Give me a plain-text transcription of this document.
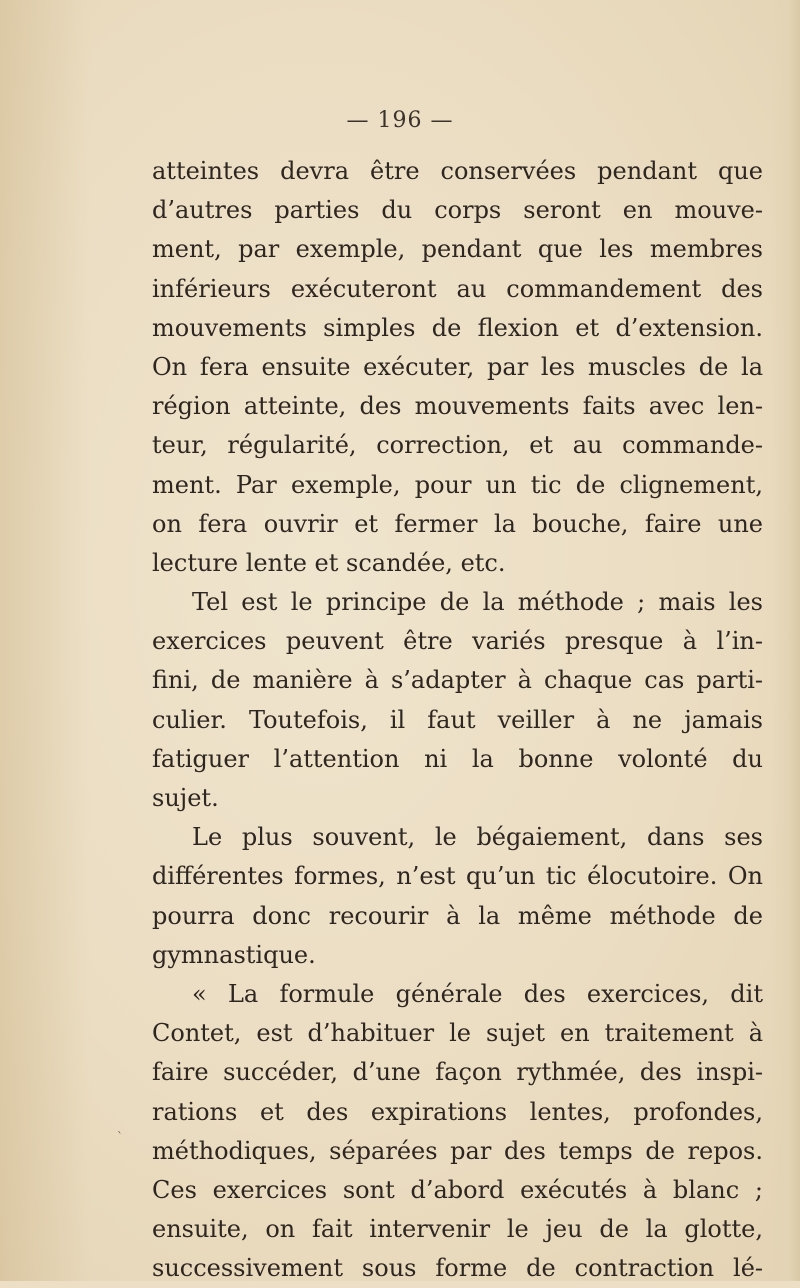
— 196 —
atteintes devra être conservées pendant que
d’autres parties du corps seront en mouve-
ment, par exemple, pendant que les membres
inférieurs exécuteront au commandement des
mouvements simples de flexion et d’extension.
On fera ensuite exécuter, par les muscles de la
région atteinte, des mouvements faits avec len-
teur, régularité, correction, et au commande-
ment. Par exemple, pour un tic de clignement,
on fera ouvrir et fermer la bouche, faire une
lecture lente et scandée, etc.
Tel est le principe de la méthode ; mais les
exercices peuvent être variés presque à l’in-
fini, de manière à s’adapter à chaque cas parti-
culier. Toutefois, il faut veiller à ne jamais
fatiguer l’attention ni la bonne volonté du
sujet.
Le plus souvent, le bégaiement, dans ses
différentes formes, n’est qu’un tic élocutoire. On
pourra donc recourir à la même méthode de
gymnastique.
« La formule générale des exercices, dit
Contet, est d’habituer le sujet en traitement à
faire succéder, d’une façon rythmée, des inspi-
rations et des expirations lentes, profondes,
méthodiques, séparées par des temps de repos.
Ces exercices sont d’abord exécutés à blanc ;
ensuite, on fait intervenir le jeu de la glotte,
successivement sous forme de contraction lé-
ˋ
